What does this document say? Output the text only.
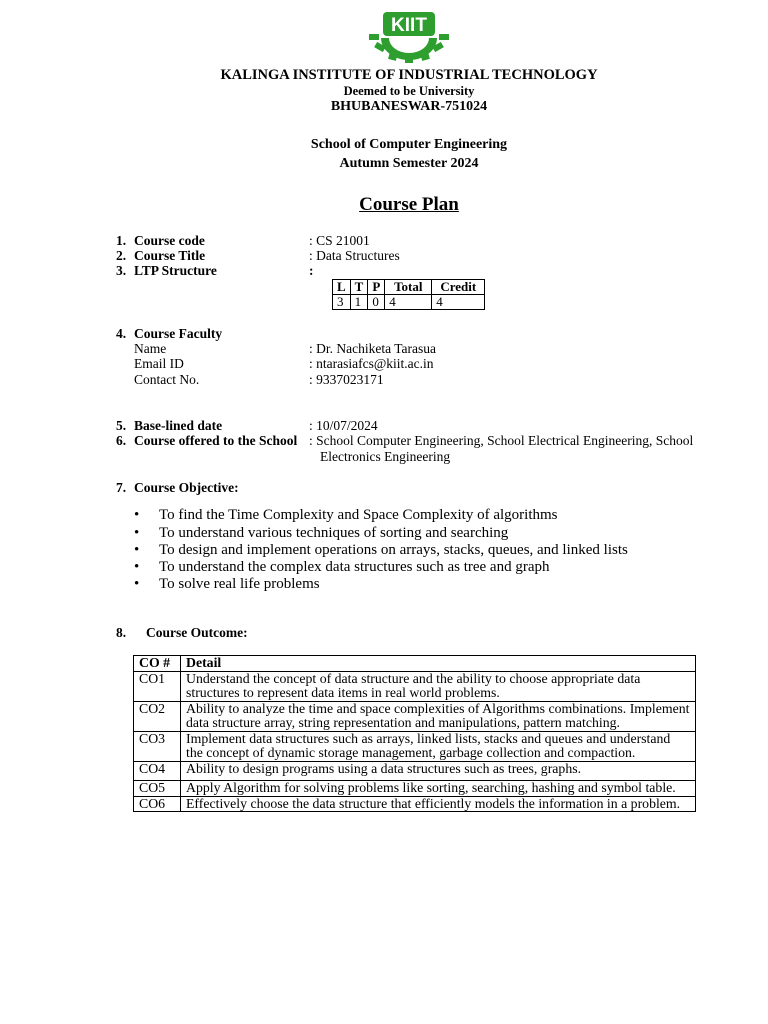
KIIT
KALINGA INSTITUTE OF INDUSTRIAL TECHNOLOGY
Deemed to be University
BHUBANESWAR-751024
School of Computer Engineering
Autumn Semester 2024
Course Plan
1. Course code	: CS 21001
2. Course Title	: Data Structures
3. LTP Structure	:
L	T	P	Total	Credit
3	1	0	4	4
4. Course Faculty
Name	: Dr. Nachiketa Tarasua
Email ID	: ntarasiafcs@kiit.ac.in
Contact No.	: 9337023171
5. Base-lined date	: 10/07/2024
6. Course offered to the School : School Computer Engineering, School Electrical Engineering, School
Electronics Engineering
7. Course Objective:
• To find the Time Complexity and Space Complexity of algorithms
• To understand various techniques of sorting and searching
• To design and implement operations on arrays, stacks, queues, and linked lists
• To understand the complex data structures such as tree and graph
• To solve real life problems
8. Course Outcome:
CO #	Detail
CO1	Understand the concept of data structure and the ability to choose appropriate data structures to represent data items in real world problems.
CO2	Ability to analyze the time and space complexities of Algorithms combinations. Implement data structure array, string representation and manipulations, pattern matching.
CO3	Implement data structures such as arrays, linked lists, stacks and queues and understand the concept of dynamic storage management, garbage collection and compaction.
CO4	Ability to design programs using a data structures such as trees, graphs.
CO5	Apply Algorithm for solving problems like sorting, searching, hashing and symbol table.
CO6	Effectively choose the data structure that efficiently models the information in a problem.
